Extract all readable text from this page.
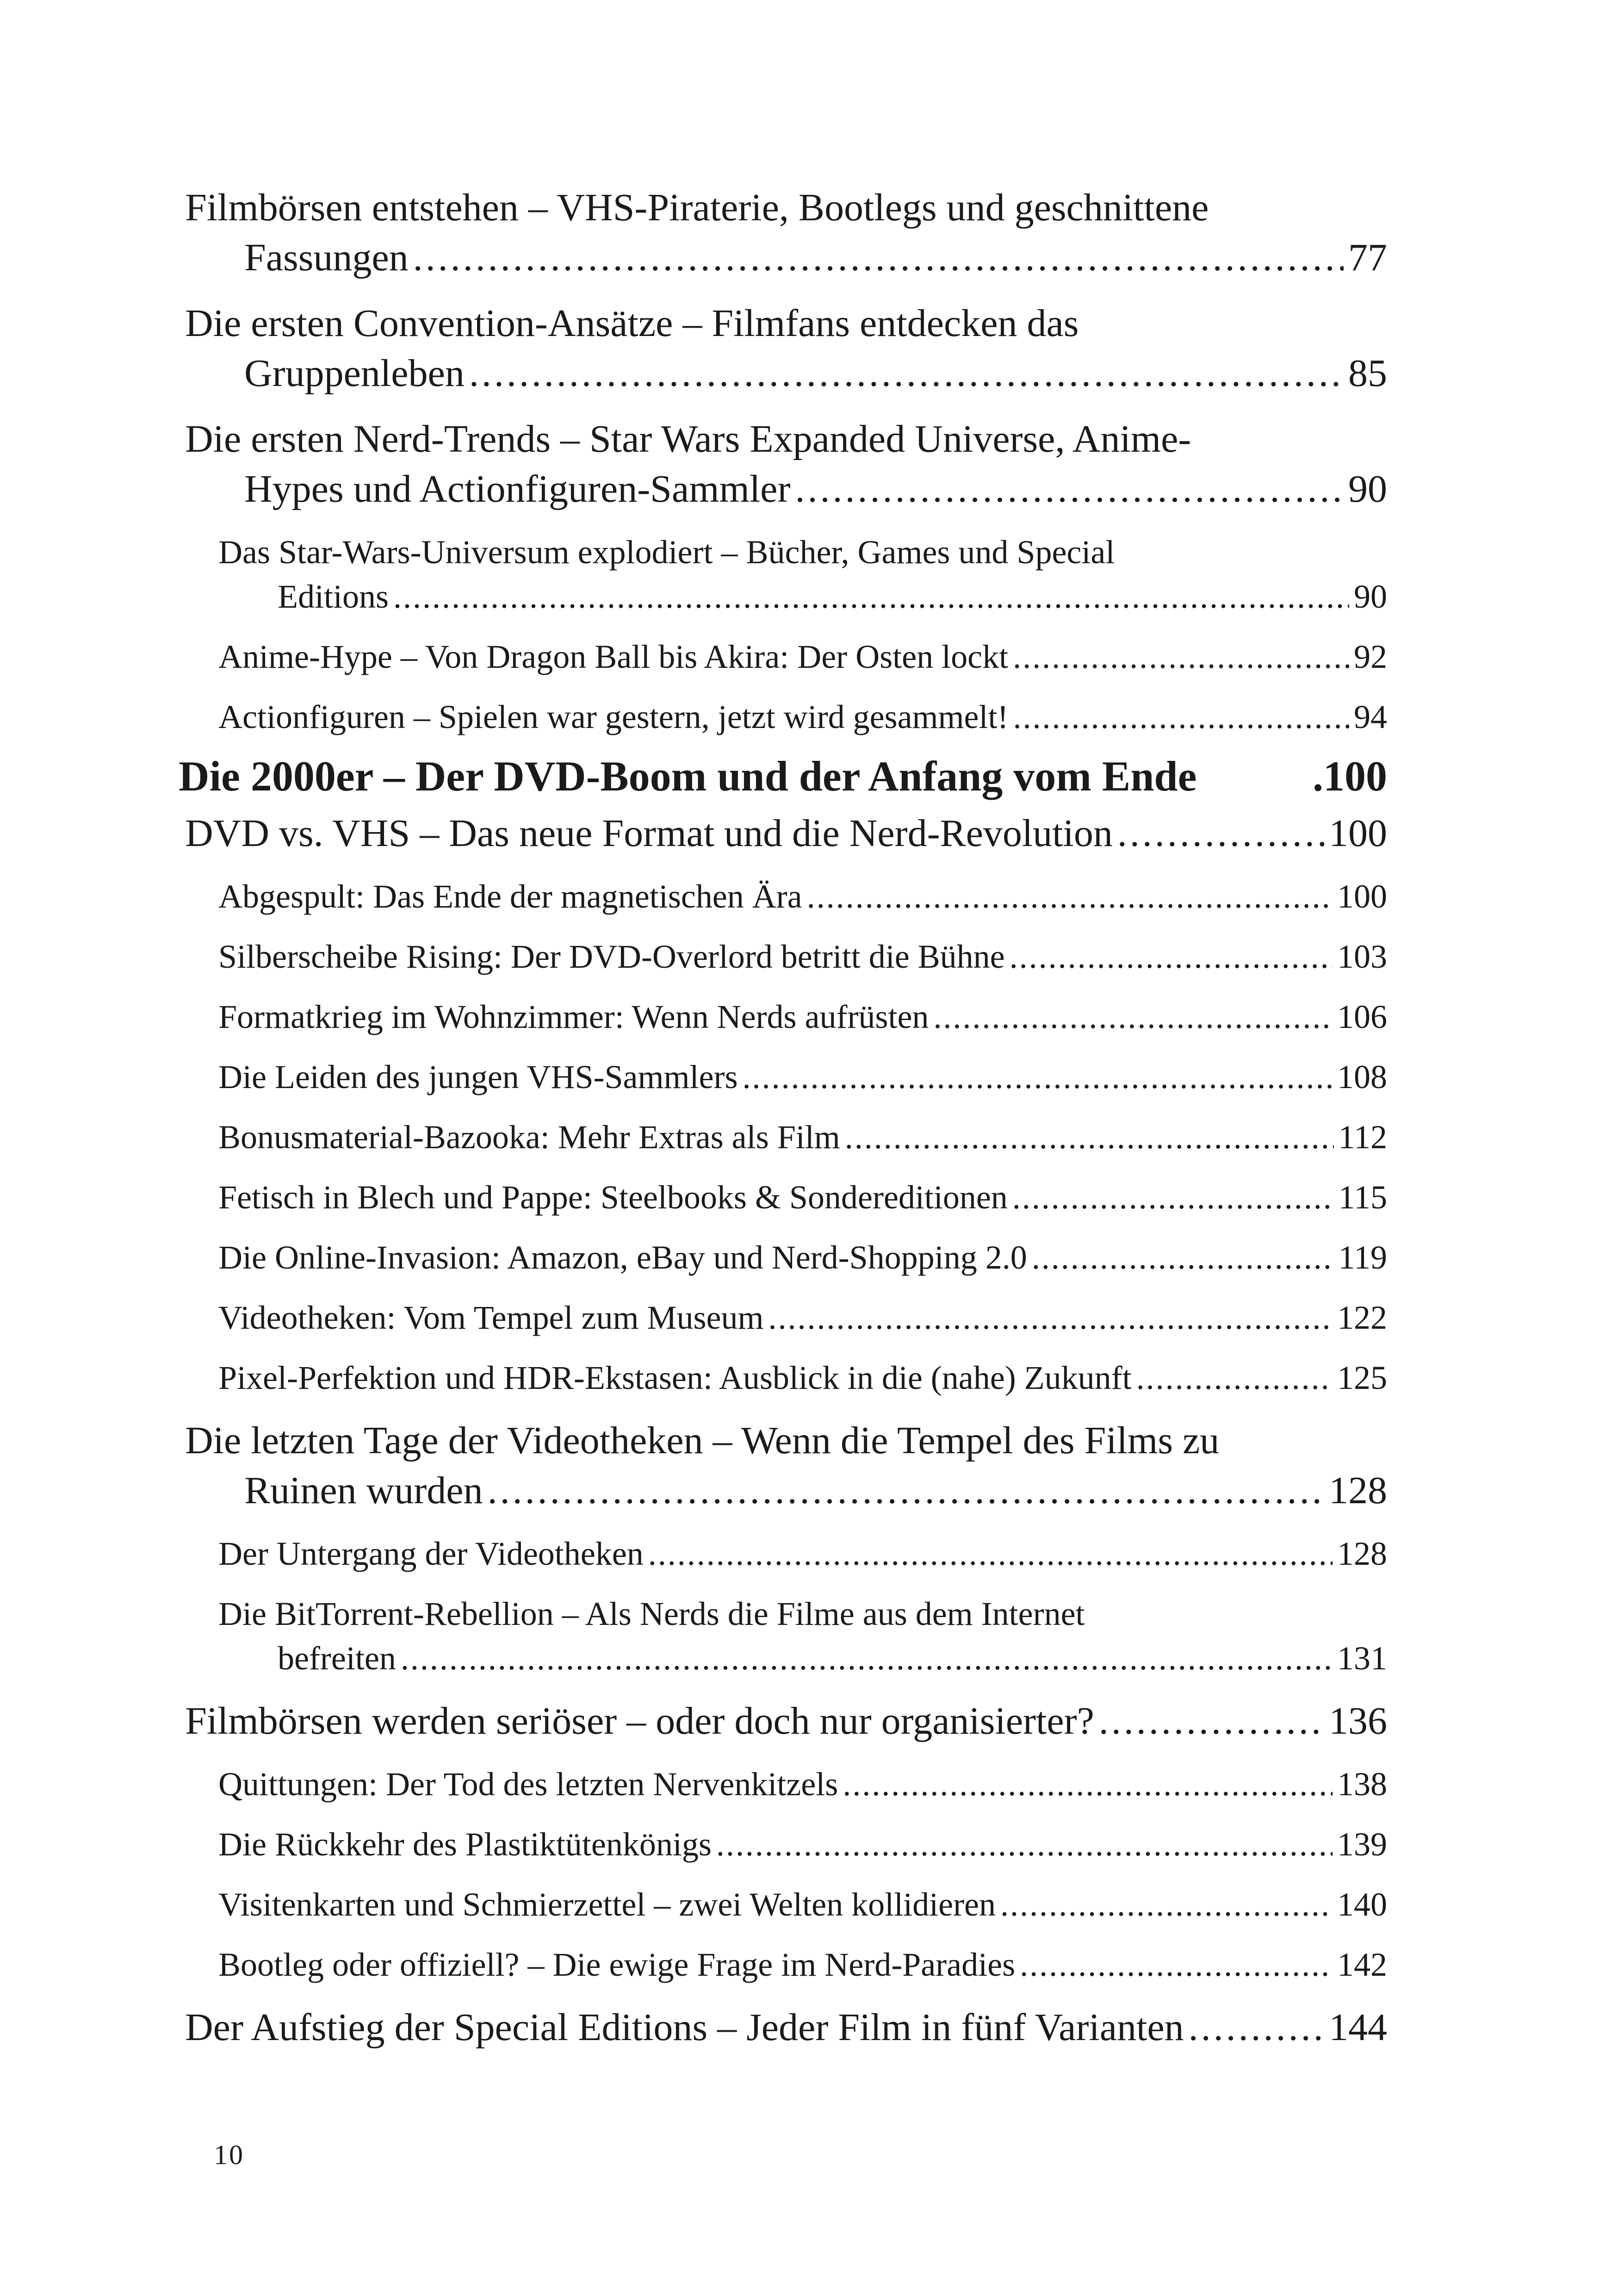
Filmbörsen entstehen – VHS-Piraterie, Bootlegs und geschnittene
Fassungen .....	77
Die ersten Convention-Ansätze – Filmfans entdecken das
Gruppenleben .....	85
Die ersten Nerd-Trends – Star Wars Expanded Universe, Anime-
Hypes und Actionfiguren-Sammler .....	90
Das Star-Wars-Universum explodiert – Bücher, Games und Special
Editions .....	90
Anime-Hype – Von Dragon Ball bis Akira: Der Osten lockt .....	92
Actionfiguren – Spielen war gestern, jetzt wird gesammelt! .....	94
Die 2000er – Der DVD-Boom und der Anfang vom Ende	.100
DVD vs. VHS – Das neue Format und die Nerd-Revolution .....	100
Abgespult: Das Ende der magnetischen Ära .....	100
Silberscheibe Rising: Der DVD-Overlord betritt die Bühne .....	103
Formatkrieg im Wohnzimmer: Wenn Nerds aufrüsten .....	106
Die Leiden des jungen VHS-Sammlers .....	108
Bonusmaterial-Bazooka: Mehr Extras als Film .....	112
Fetisch in Blech und Pappe: Steelbooks & Sondereditionen .....	115
Die Online-Invasion: Amazon, eBay und Nerd-Shopping 2.0 .....	119
Videotheken: Vom Tempel zum Museum .....	122
Pixel-Perfektion und HDR-Ekstasen: Ausblick in die (nahe) Zukunft .....	125
Die letzten Tage der Videotheken – Wenn die Tempel des Films zu
Ruinen wurden .....	128
Der Untergang der Videotheken .....	128
Die BitTorrent-Rebellion – Als Nerds die Filme aus dem Internet
befreiten .....	131
Filmbörsen werden seriöser – oder doch nur organisierter? .....	136
Quittungen: Der Tod des letzten Nervenkitzels .....	138
Die Rückkehr des Plastiktütenkönigs .....	139
Visitenkarten und Schmierzettel – zwei Welten kollidieren .....	140
Bootleg oder offiziell? – Die ewige Frage im Nerd-Paradies .....	142
Der Aufstieg der Special Editions – Jeder Film in fünf Varianten .....	144
10
